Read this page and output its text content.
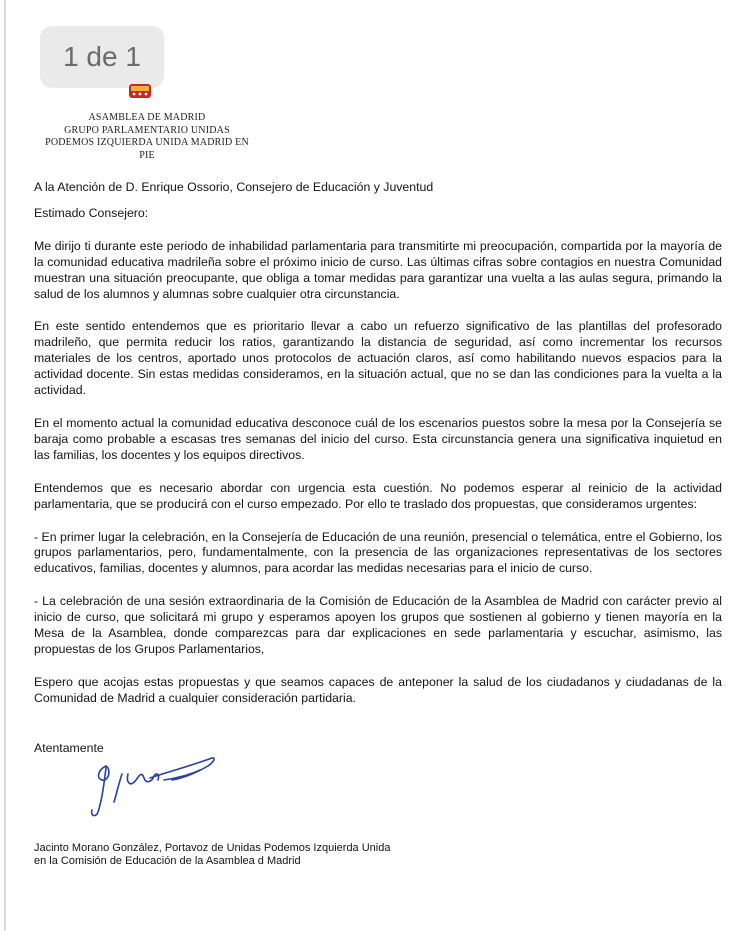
1 de 1
ASAMBLEA DE MADRID
GRUPO PARLAMENTARIO UNIDAS
PODEMOS IZQUIERDA UNIDA MADRID EN
PIE

A la Atención de D. Enrique Ossorio, Consejero de Educación y Juventud

Estimado Consejero:

Me dirijo ti durante este periodo de inhabilidad parlamentaria para transmitirte mi preocupación, compartida por la mayoría de la comunidad educativa madrileña sobre el próximo inicio de curso. Las últimas cifras sobre contagios en nuestra Comunidad muestran una situación preocupante, que obliga a tomar medidas para garantizar una vuelta a las aulas segura, primando la salud de los alumnos y alumnas sobre cualquier otra circunstancia.

En este sentido entendemos que es prioritario llevar a cabo un refuerzo significativo de las plantillas del profesorado madrileño, que permita reducir los ratios, garantizando la distancia de seguridad, así como incrementar los recursos materiales de los centros, aportado unos protocolos de actuación claros, así como habilitando nuevos espacios para la actividad docente. Sin estas medidas consideramos, en la situación actual, que no se dan las condiciones para la vuelta a la actividad.

En el momento actual la comunidad educativa desconoce cuál de los escenarios puestos sobre la mesa por la Consejería se baraja como probable a escasas tres semanas del inicio del curso. Esta circunstancia genera una significativa inquietud en las familias, los docentes y los equipos directivos.

Entendemos que es necesario abordar con urgencia esta cuestión. No podemos esperar al reinicio de la actividad parlamentaria, que se producirá con el curso empezado. Por ello te traslado dos propuestas, que consideramos urgentes:

- En primer lugar la celebración, en la Consejería de Educación de una reunión, presencial o telemática, entre el Gobierno, los grupos parlamentarios, pero, fundamentalmente, con la presencia de las organizaciones representativas de los sectores educativos, familias, docentes y alumnos, para acordar las medidas necesarias para el inicio de curso.

- La celebración de una sesión extraordinaria de la Comisión de Educación de la Asamblea de Madrid con carácter previo al inicio de curso, que solicitará mi grupo y esperamos apoyen los grupos que sostienen al gobierno y tienen mayoría en la Mesa de la Asamblea, donde comparezcas para dar explicaciones en sede parlamentaria y escuchar, asimismo, las propuestas de los Grupos Parlamentarios,

Espero que acojas estas propuestas y que seamos capaces de anteponer la salud de los ciudadanos y ciudadanas de la Comunidad de Madrid a cualquier consideración partidaria.

Atentamente

Jacinto Morano González, Portavoz de Unidas Podemos Izquierda Unida
en la Comisión de Educación de la Asamblea d Madrid
